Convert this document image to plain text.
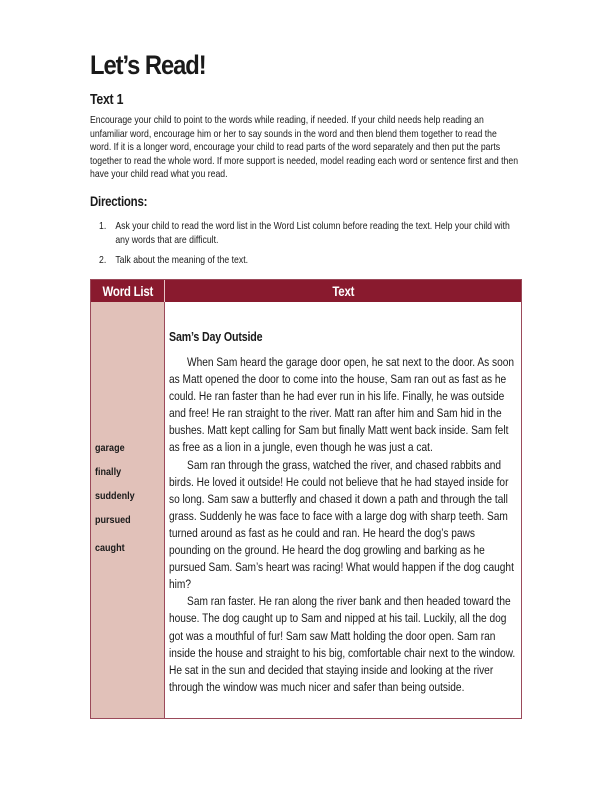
Let’s Read!
Text 1

Encourage your child to point to the words while reading, if needed. If your child needs help reading an unfamiliar word, encourage him or her to say sounds in the word and then blend them together to read the word. If it is a longer word, encourage your child to read parts of the word separately and then put the parts together to read the whole word. If more support is needed, model reading each word or sentence first and then have your child read what you read.

Directions:
1. Ask your child to read the word list in the Word List column before reading the text. Help your child with any words that are difficult.
2. Talk about the meaning of the text.
Word List	Text
garage
finally
suddenly
pursued
caught
Sam’s Day Outside

When Sam heard the garage door open, he sat next to the door. As soon as Matt opened the door to come into the house, Sam ran out as fast as he could. He ran faster than he had ever run in his life. Finally, he was outside and free! He ran straight to the river. Matt ran after him and Sam hid in the bushes. Matt kept calling for Sam but finally Matt went back inside. Sam felt as free as a lion in a jungle, even though he was just a cat.

Sam ran through the grass, watched the river, and chased rabbits and birds. He loved it outside! He could not believe that he had stayed inside for so long. Sam saw a butterfly and chased it down a path and through the tall grass. Suddenly he was face to face with a large dog with sharp teeth. Sam turned around as fast as he could and ran. He heard the dog’s paws pounding on the ground. He heard the dog growling and barking as he pursued Sam. Sam’s heart was racing! What would happen if the dog caught him?

Sam ran faster. He ran along the river bank and then headed toward the house. The dog caught up to Sam and nipped at his tail. Luckily, all the dog got was a mouthful of fur! Sam saw Matt holding the door open. Sam ran inside the house and straight to his big, comfortable chair next to the window. He sat in the sun and decided that staying inside and looking at the river through the window was much nicer and safer than being outside.
